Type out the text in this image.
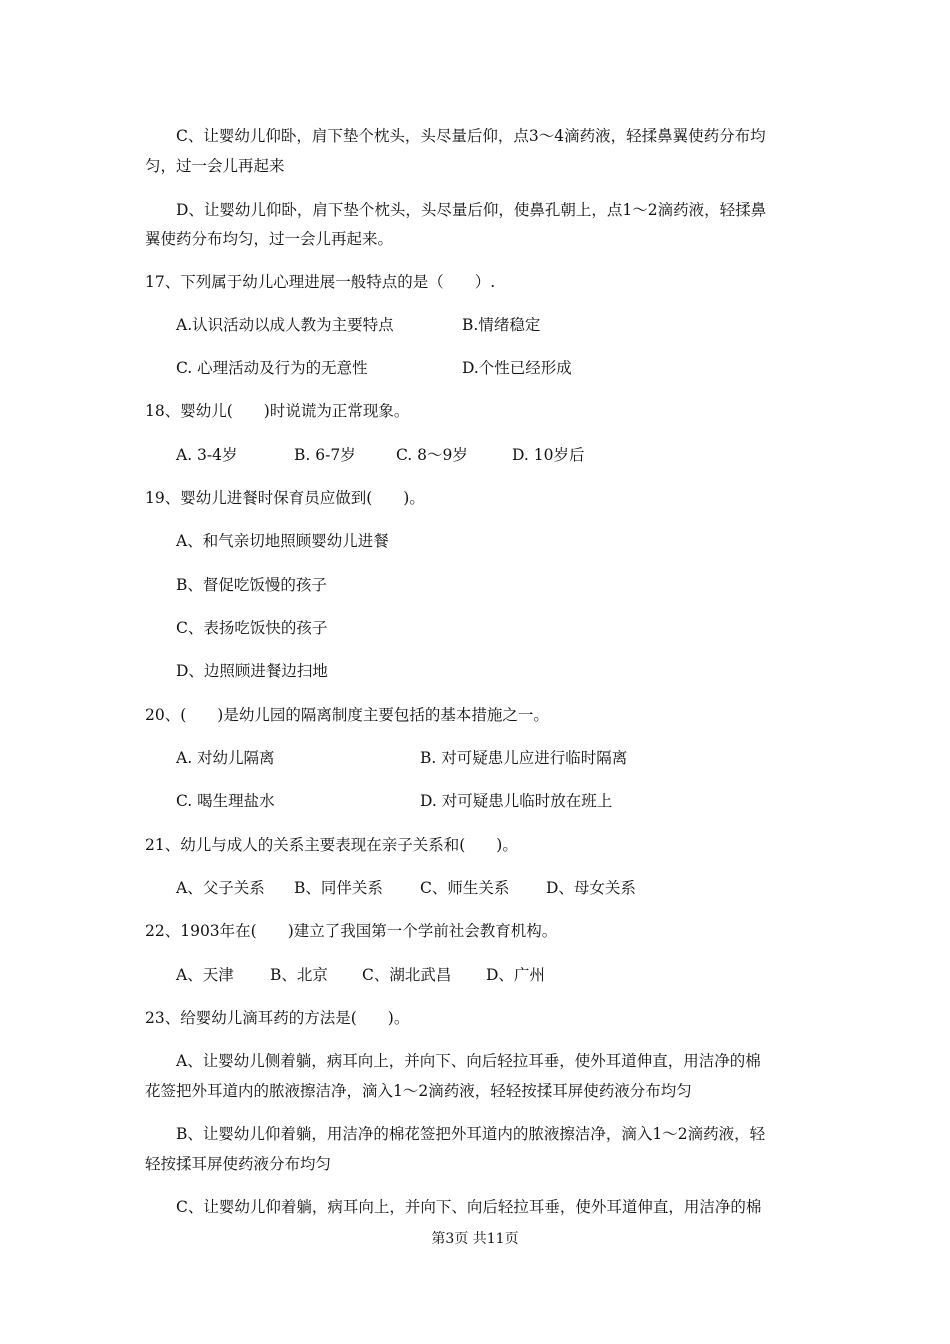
C、让婴幼儿仰卧，肩下垫个枕头，头尽量后仰，点3～4滴药液，轻揉鼻翼使药分布均
匀，过一会儿再起来
D、让婴幼儿仰卧，肩下垫个枕头，头尽量后仰，使鼻孔朝上，点1～2滴药液，轻揉鼻
翼使药分布均匀，过一会儿再起来。
17、下列属于幼儿心理进展一般特点的是（　　）.
A.认识活动以成人教为主要特点	B.情绪稳定
C. 心理活动及行为的无意性	D.个性已经形成
18、婴幼儿(　　)时说谎为正常现象。
A. 3-4岁	B. 6-7岁	C. 8～9岁	D. 10岁后
19、婴幼儿进餐时保育员应做到(　　)。
A、和气亲切地照顾婴幼儿进餐
B、督促吃饭慢的孩子
C、表扬吃饭快的孩子
D、边照顾进餐边扫地
20、(　　)是幼儿园的隔离制度主要包括的基本措施之一。
A. 对幼儿隔离	B. 对可疑患儿应进行临时隔离
C. 喝生理盐水	D. 对可疑患儿临时放在班上
21、幼儿与成人的关系主要表现在亲子关系和(　　)。
A、父子关系 B、同伴关系 C、师生关系 D、母女关系
22、1903年在(　　)建立了我国第一个学前社会教育机构。
A、天津 B、北京 C、湖北武昌 D、广州
23、给婴幼儿滴耳药的方法是(　　)。
A、让婴幼儿侧着躺，病耳向上，并向下、向后轻拉耳垂，使外耳道伸直，用洁净的棉
花签把外耳道内的脓液擦洁净，滴入1～2滴药液，轻轻按揉耳屏使药液分布均匀
B、让婴幼儿仰着躺，用洁净的棉花签把外耳道内的脓液擦洁净，滴入1～2滴药液，轻
轻按揉耳屏使药液分布均匀
C、让婴幼儿仰着躺，病耳向上，并向下、向后轻拉耳垂，使外耳道伸直，用洁净的棉
第3页 共11页
